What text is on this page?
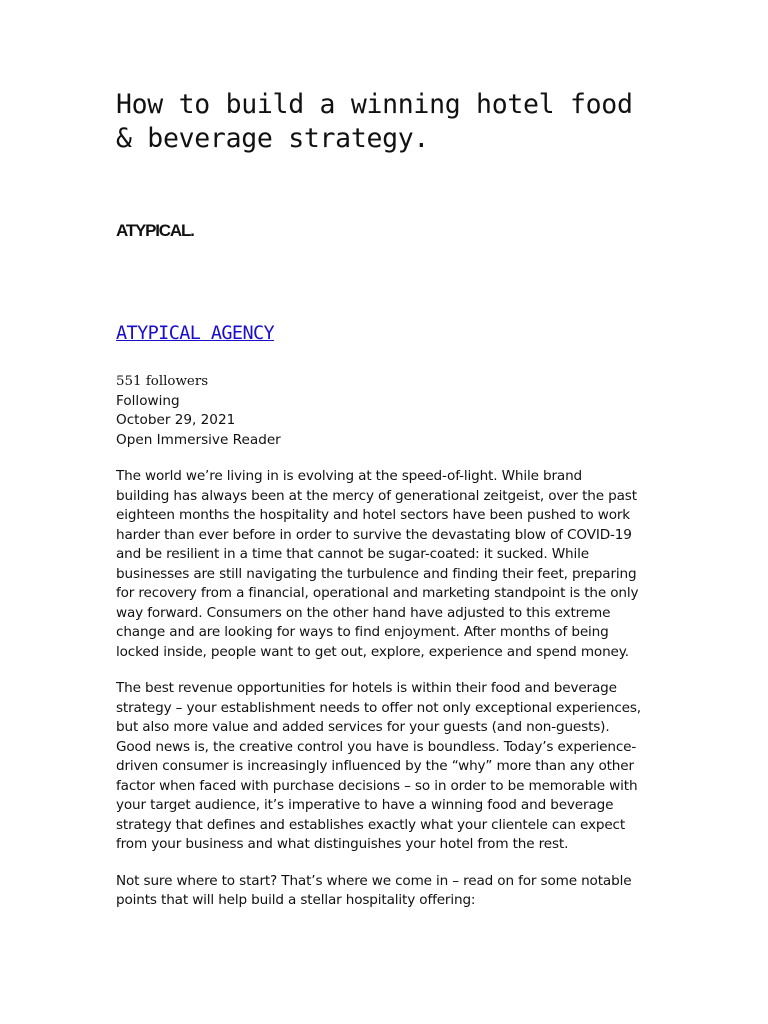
How to build a winning hotel food
& beverage strategy.
ATYPICAL.
ATYPICAL AGENCY
551 followers
Following
October 29, 2021
Open Immersive Reader

The world we’re living in is evolving at the speed-of-light. While brand
building has always been at the mercy of generational zeitgeist, over the past
eighteen months the hospitality and hotel sectors have been pushed to work
harder than ever before in order to survive the devastating blow of COVID-19
and be resilient in a time that cannot be sugar-coated: it sucked. While
businesses are still navigating the turbulence and finding their feet, preparing
for recovery from a financial, operational and marketing standpoint is the only
way forward. Consumers on the other hand have adjusted to this extreme
change and are looking for ways to find enjoyment. After months of being
locked inside, people want to get out, explore, experience and spend money.

The best revenue opportunities for hotels is within their food and beverage
strategy – your establishment needs to offer not only exceptional experiences,
but also more value and added services for your guests (and non-guests).
Good news is, the creative control you have is boundless. Today’s experience-
driven consumer is increasingly influenced by the “why” more than any other
factor when faced with purchase decisions – so in order to be memorable with
your target audience, it’s imperative to have a winning food and beverage
strategy that defines and establishes exactly what your clientele can expect
from your business and what distinguishes your hotel from the rest.

Not sure where to start? That’s where we come in – read on for some notable
points that will help build a stellar hospitality offering:
